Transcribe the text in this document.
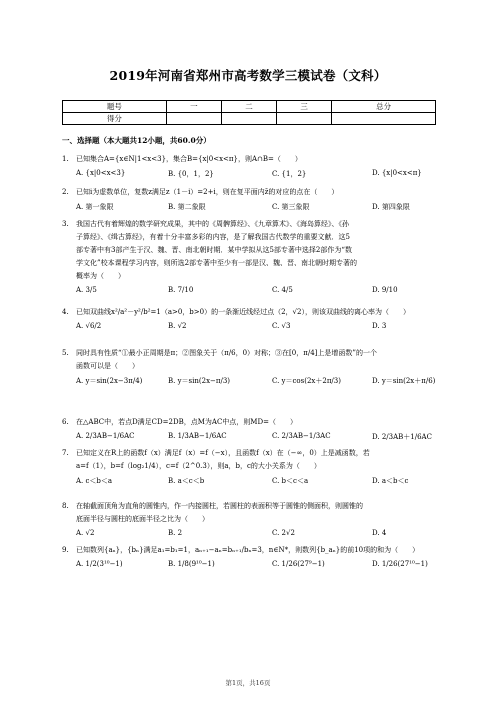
2019年河南省郑州市高考数学三模试卷（文科）
题号	一	二	三	总分
得分				
一、选择题（本大题共12小题，共60.0分）
1. 已知集合A={x∈N|1<x<3}，集合B={x|0<x<π}，则A∩B=（　　）
A. {x|0<x<3}	B. {0，1，2}	C. {1，2}	D. {x|0<x<π}
2. 已知i为虚数单位，复数z满足z（1－i）=2+i，则在复平面内z̄的对应的点在（　　）
A. 第一象限	B. 第二象限	C. 第三象限	D. 第四象限
3. 我国古代有着辉煌的数学研究成果，其中的《周髀算经》、《九章算术》、《海岛算经》、《孙
子算经》、《缉古算经》，有着十分丰富多彩的内容，是了解我国古代数学的重要文献．这5
部专著中有3部产生于汉、魏、晋、南北朝时期．某中学拟从这5部专著中选择2部作为“数
学文化”校本课程学习内容，则所选2部专著中至少有一部是汉、魏、晋、南北朝时期专著的
概率为（　　）
A. 3/5	B. 7/10	C. 4/5	D. 9/10
4. 已知双曲线x²/a²－y²/b²=1（a>0，b>0）的一条渐近线经过点（2，√2），则该双曲线的离心率为（　　）
A. √6/2	B. √2	C. √3	D. 3
5. 同时具有性质“①最小正周期是π；②图象关于（π/6，0）对称；③在[0，π/4]上是增函数”的一个
函数可以是（　　）
A. y＝sin(2x−3π/4)	B. y＝sin(2x−π/3)	C. y＝cos(2x＋2π/3)	D. y＝sin(2x＋π/6)
6. 在△ABC中，若点D满足CD=2DB，点M为AC中点，则MD=（　　）
A. 2/3AB−1/6AC	B. 1/3AB−1/6AC	C. 2/3AB−1/3AC	D. 2/3AB＋1/6AC
7. 已知定义在R上的函数f（x）满足f（x）=f（−x），且函数f（x）在（−∞，0）上是减函数，若
a=f（1），b=f（log₂1/4），c=f（2^0.3），则a，b，c的大小关系为（　　）
A. c＜b＜a	B. a＜c＜b	C. b＜c＜a	D. a＜b＜c
8. 在轴截面顶角为直角的圆锥内，作一内接圆柱，若圆柱的表面积等于圆锥的侧面积，则圆锥的
底面半径与圆柱的底面半径之比为（　　）
A. √2	B. 2	C. 2√2	D. 4
9. 已知数列{aₙ}，{bₙ}满足a₁=b₁=1，aₙ₊₁−aₙ=bₙ₊₁/bₙ=3，n∈N*，则数列{b_aₙ}的前10项的和为（　　）
A. 1/2(3¹⁰−1)	B. 1/8(9¹⁰−1)	C. 1/26(27⁹−1)	D. 1/26(27¹⁰−1)
第1页，共16页
